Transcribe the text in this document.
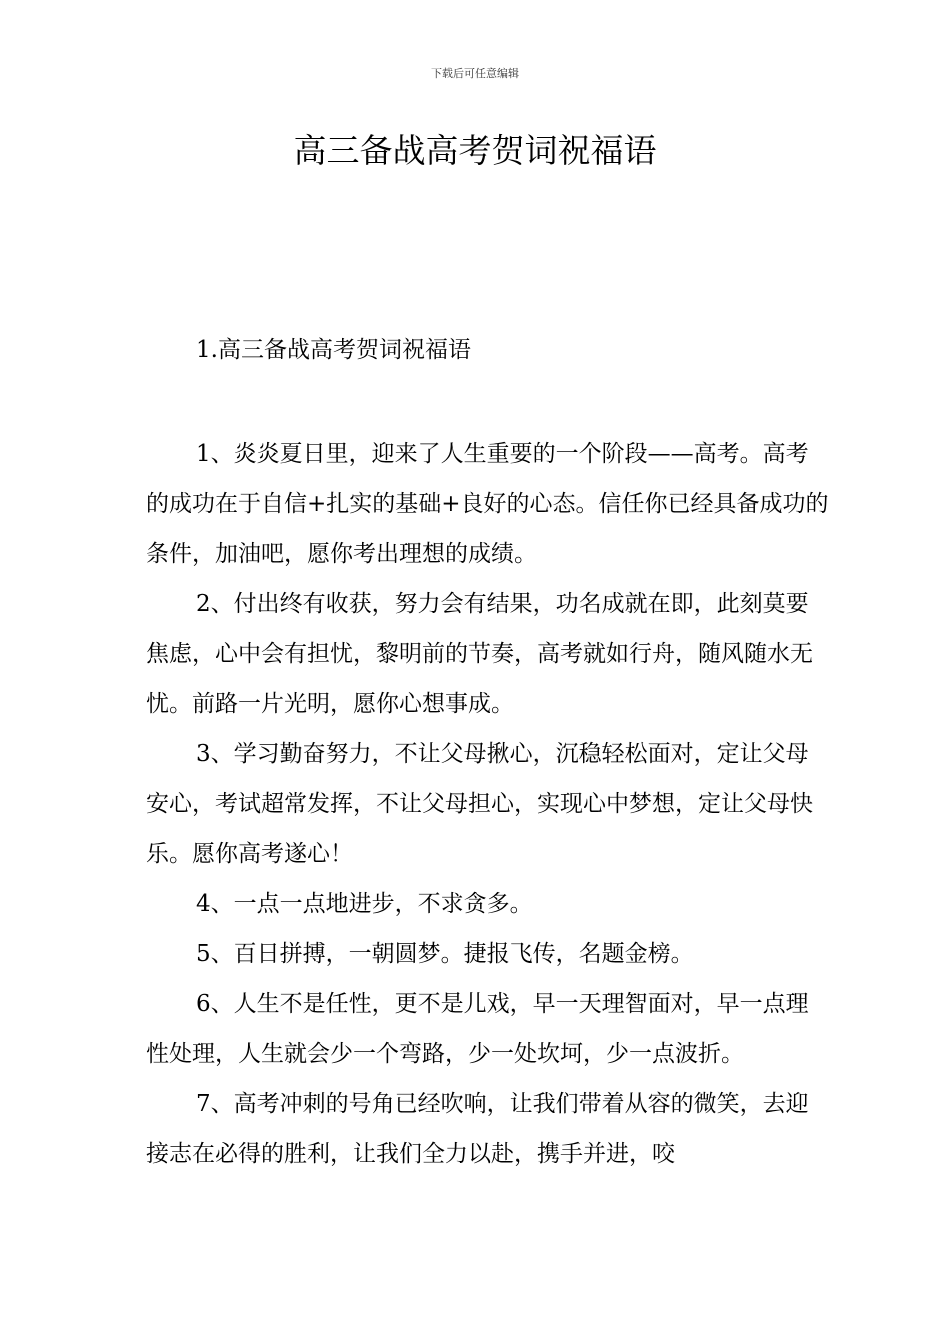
下载后可任意编辑
高三备战高考贺词祝福语
1.高三备战高考贺词祝福语
1、炎炎夏日里，迎来了人生重要的一个阶段——高考。高考的成功在于自信+扎实的基础+良好的心态。信任你已经具备成功的条件，加油吧，愿你考出理想的成绩。
2、付出终有收获，努力会有结果，功名成就在即，此刻莫要焦虑，心中会有担忧，黎明前的节奏，高考就如行舟，随风随水无忧。前路一片光明，愿你心想事成。
3、学习勤奋努力，不让父母揪心，沉稳轻松面对，定让父母安心，考试超常发挥，不让父母担心，实现心中梦想，定让父母快乐。愿你高考遂心！
4、一点一点地进步，不求贪多。
5、百日拼搏，一朝圆梦。捷报飞传，名题金榜。
6、人生不是任性，更不是儿戏，早一天理智面对，早一点理性处理，人生就会少一个弯路，少一处坎坷，少一点波折。
7、高考冲刺的号角已经吹响，让我们带着从容的微笑，去迎接志在必得的胜利，让我们全力以赴，携手并进，咬
